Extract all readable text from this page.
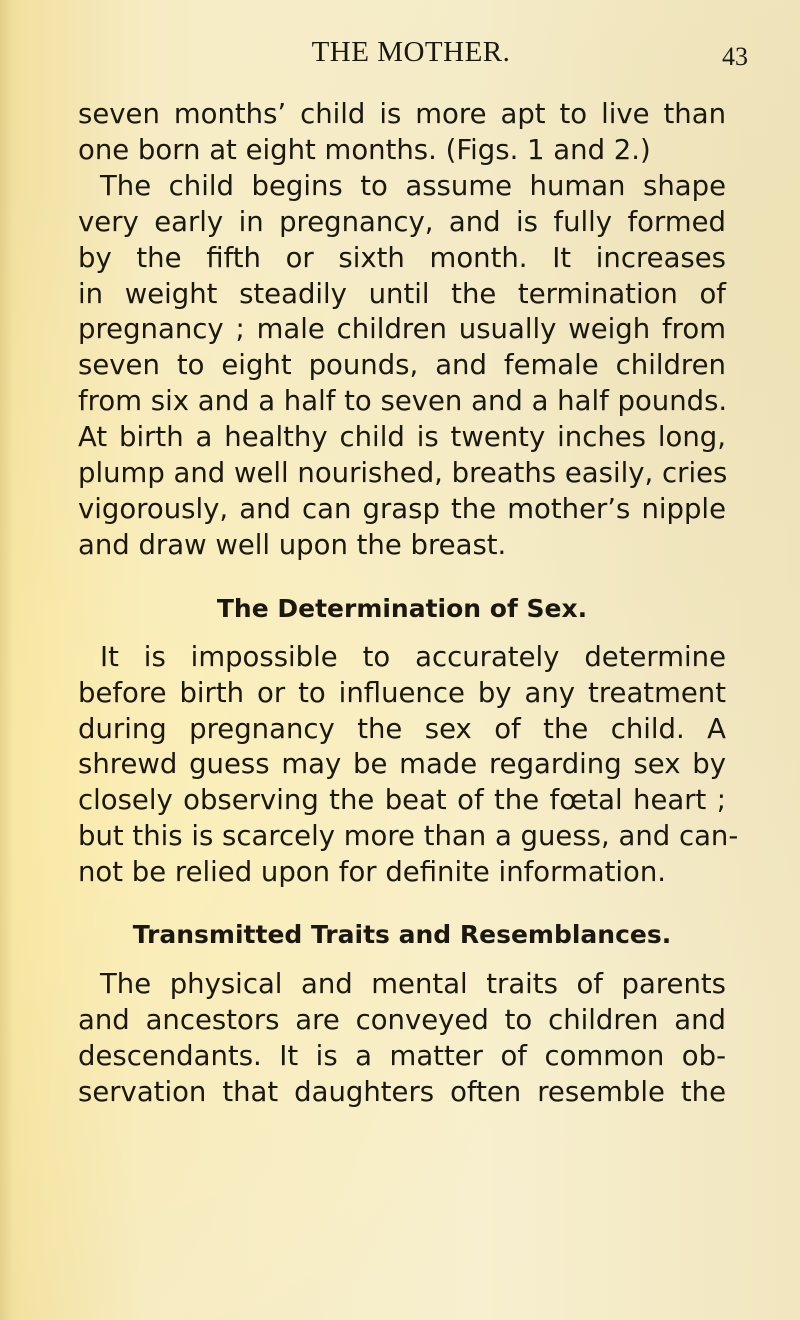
THE MOTHER.	43
seven months’ child is more apt to live than
one born at eight months. (Figs. 1 and 2.)
The child begins to assume human shape
very early in pregnancy, and is fully formed
by the fifth or sixth month. It increases
in weight steadily until the termination of
pregnancy ; male children usually weigh from
seven to eight pounds, and female children
from six and a half to seven and a half pounds.
At birth a healthy child is twenty inches long,
plump and well nourished, breaths easily, cries
vigorously, and can grasp the mother’s nipple
and draw well upon the breast.
The Determination of Sex.
It is impossible to accurately determine
before birth or to influence by any treatment
during pregnancy the sex of the child. A
shrewd guess may be made regarding sex by
closely observing the beat of the fœtal heart ;
but this is scarcely more than a guess, and can-
not be relied upon for definite information.
Transmitted Traits and Resemblances.
The physical and mental traits of parents
and ancestors are conveyed to children and
descendants. It is a matter of common ob-
servation that daughters often resemble the
